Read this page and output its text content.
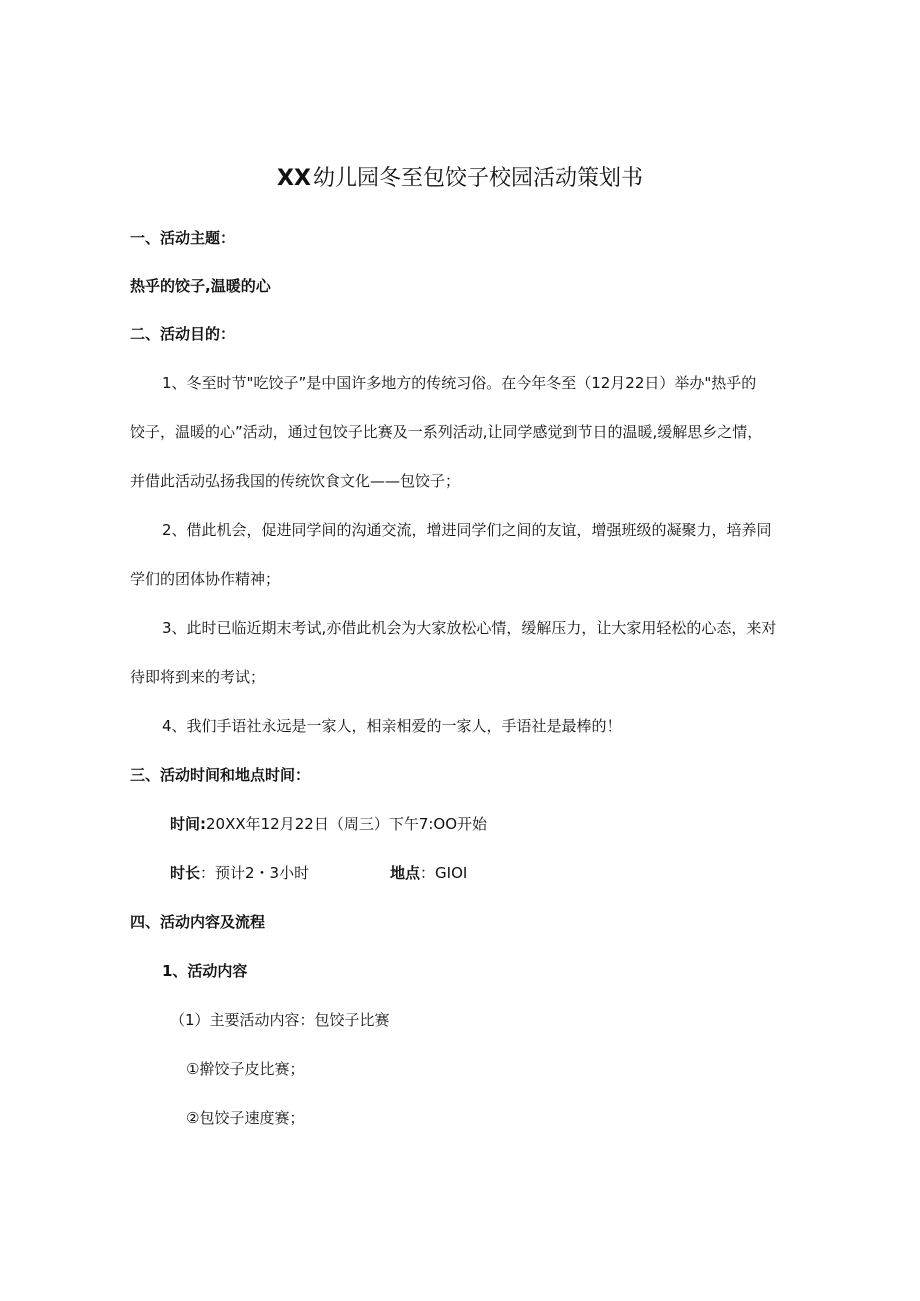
XX幼儿园冬至包饺子校园活动策划书
一、活动主题：
热乎的饺子,温暖的心
二、活动目的：
1、冬至时节"吃饺子”是中国许多地方的传统习俗。在今年冬至（12月22日）举办"热乎的
饺子，温暖的心”活动，通过包饺子比赛及一系列活动,让同学感觉到节日的温暖,缓解思乡之情，
并借此活动弘扬我国的传统饮食文化——包饺子；
2、借此机会，促进同学间的沟通交流，增进同学们之间的友谊，增强班级的凝聚力，培养同
学们的团体协作精神；
3、此时已临近期末考试,亦借此机会为大家放松心情，缓解压力，让大家用轻松的心态，来对
待即将到来的考试；
4、我们手语社永远是一家人，相亲相爱的一家人，手语社是最棒的！
三、活动时间和地点时间：
时间:20XX年12月22日（周三）下午7:OO开始
时长：预计2・3小时	地点：GIOI
四、活动内容及流程
1、活动内容
（1）主要活动内容：包饺子比赛
①擀饺子皮比赛；
②包饺子速度赛；
